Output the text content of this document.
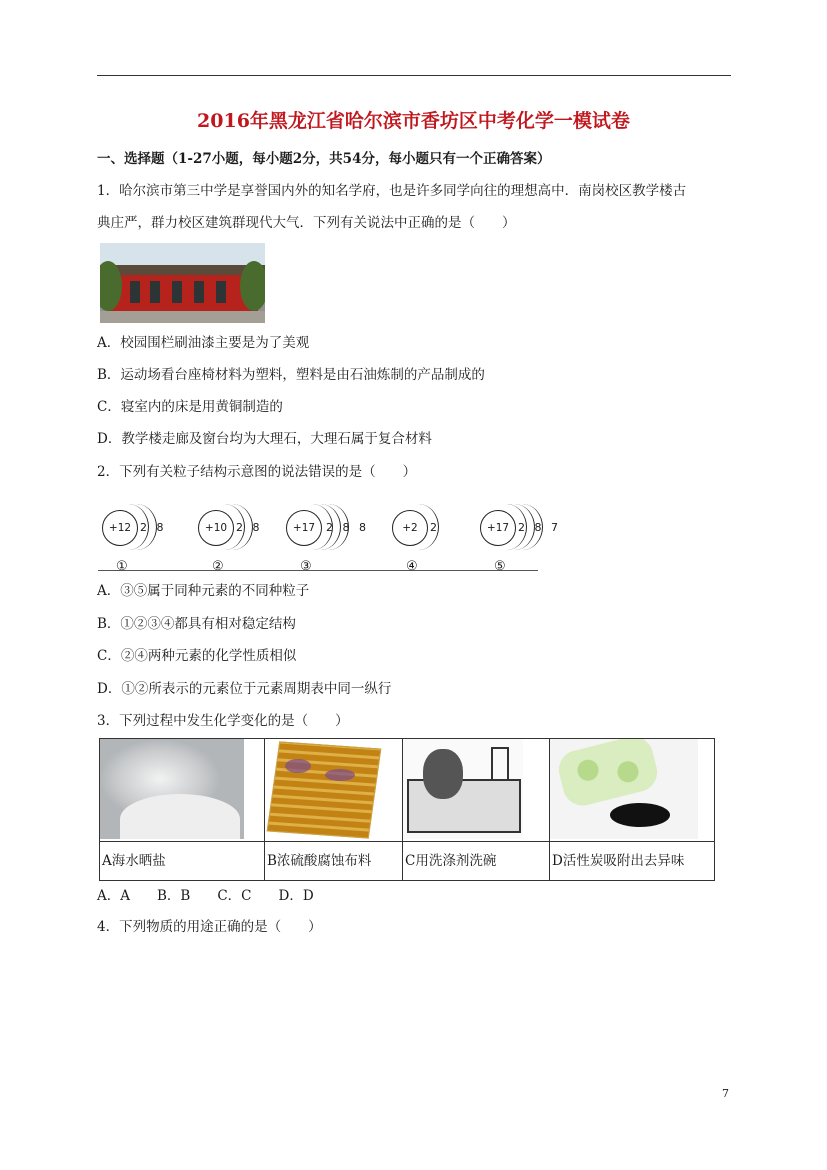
2016年黑龙江省哈尔滨市香坊区中考化学一模试卷
一、选择题（1-27小题，每小题2分，共54分，每小题只有一个正确答案）
1．哈尔滨市第三中学是享誉国内外的知名学府，也是许多同学向往的理想高中．南岗校区教学楼古
典庄严，群力校区建筑群现代大气．下列有关说法中正确的是（　　）
A．校园围栏刷油漆主要是为了美观
B．运动场看台座椅材料为塑料，塑料是由石油炼制的产品制成的
C．寝室内的床是用黄铜制造的
D．教学楼走廊及窗台均为大理石，大理石属于复合材料
2．下列有关粒子结构示意图的说法错误的是（　　）
+12 2 8
①
+10 2 8
②
+17 2 8 8
③
+2	2
④
+17 2 8 7
⑤
A．③⑤属于同种元素的不同种粒子
B．①②③④都具有相对稳定结构
C．②④两种元素的化学性质相似
D．①②所表示的元素位于元素周期表中同一纵行
3．下列过程中发生化学变化的是（　　）

A海水晒盐	B浓硫酸腐蚀布料	C用洗涤剂洗碗	D活性炭吸附出去异味
A．A　　B．B　　C．C　　D．D
4．下列物质的用途正确的是（　　）
7
